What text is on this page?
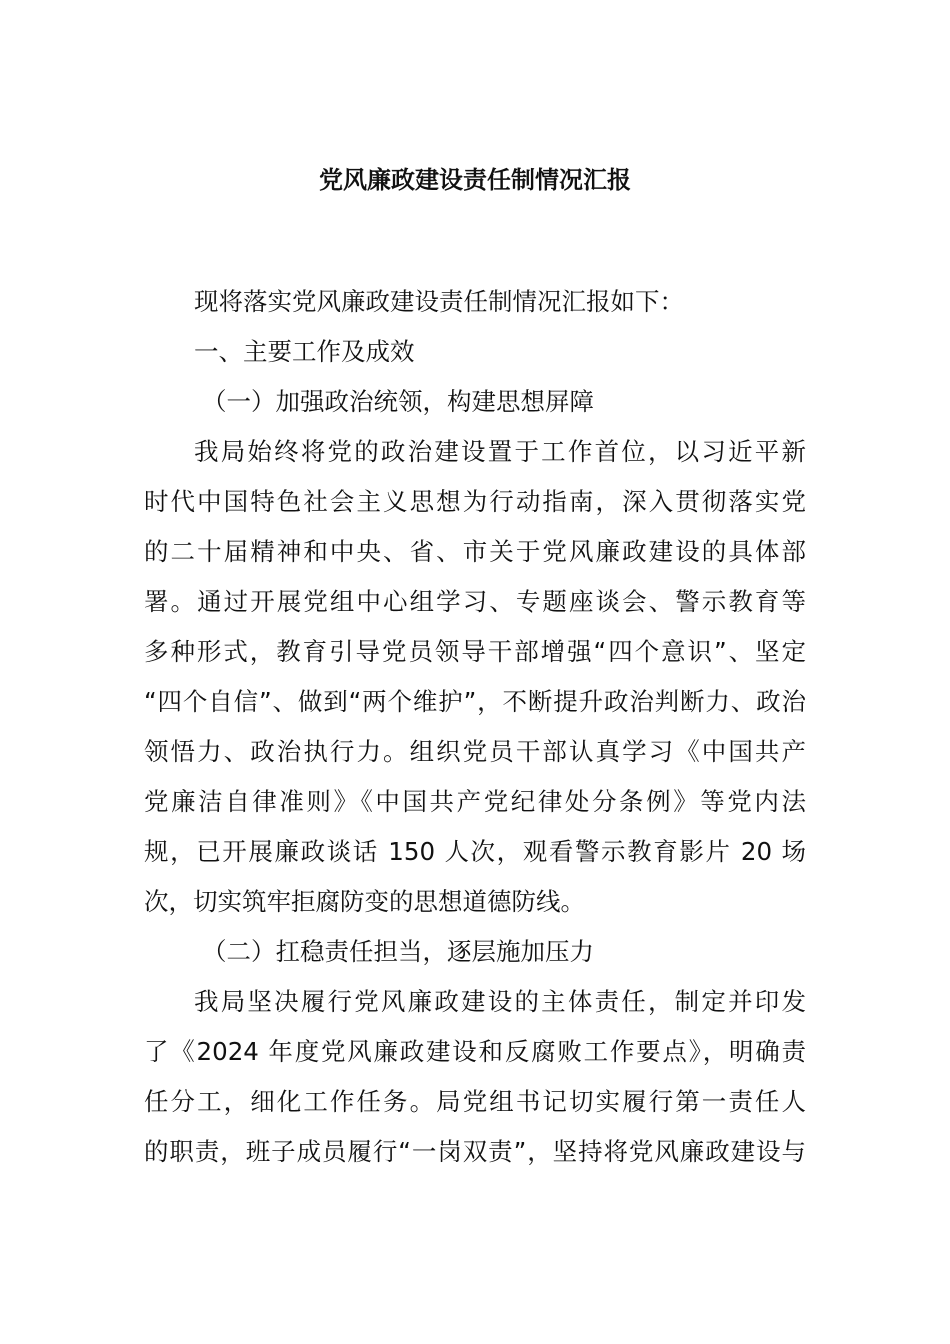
党风廉政建设责任制情况汇报

现将落实党风廉政建设责任制情况汇报如下：

一、主要工作及成效

（一）加强政治统领，构建思想屏障

我局始终将党的政治建设置于工作首位，以习近平新

时代中国特色社会主义思想为行动指南，深入贯彻落实党

的二十届精神和中央、省、市关于党风廉政建设的具体部

署。通过开展党组中心组学习、专题座谈会、警示教育等

多种形式，教育引导党员领导干部增强“四个意识”、坚定

“四个自信”、做到“两个维护”，不断提升政治判断力、政治

领悟力、政治执行力。组织党员干部认真学习《中国共产

党廉洁自律准则》《中国共产党纪律处分条例》等党内法

规，已开展廉政谈话 150 人次，观看警示教育影片 20 场

次，切实筑牢拒腐防变的思想道德防线。

（二）扛稳责任担当，逐层施加压力

我局坚决履行党风廉政建设的主体责任，制定并印发

了《2024 年度党风廉政建设和反腐败工作要点》，明确责

任分工，细化工作任务。局党组书记切实履行第一责任人

的职责，班子成员履行“一岗双责”，坚持将党风廉政建设与
